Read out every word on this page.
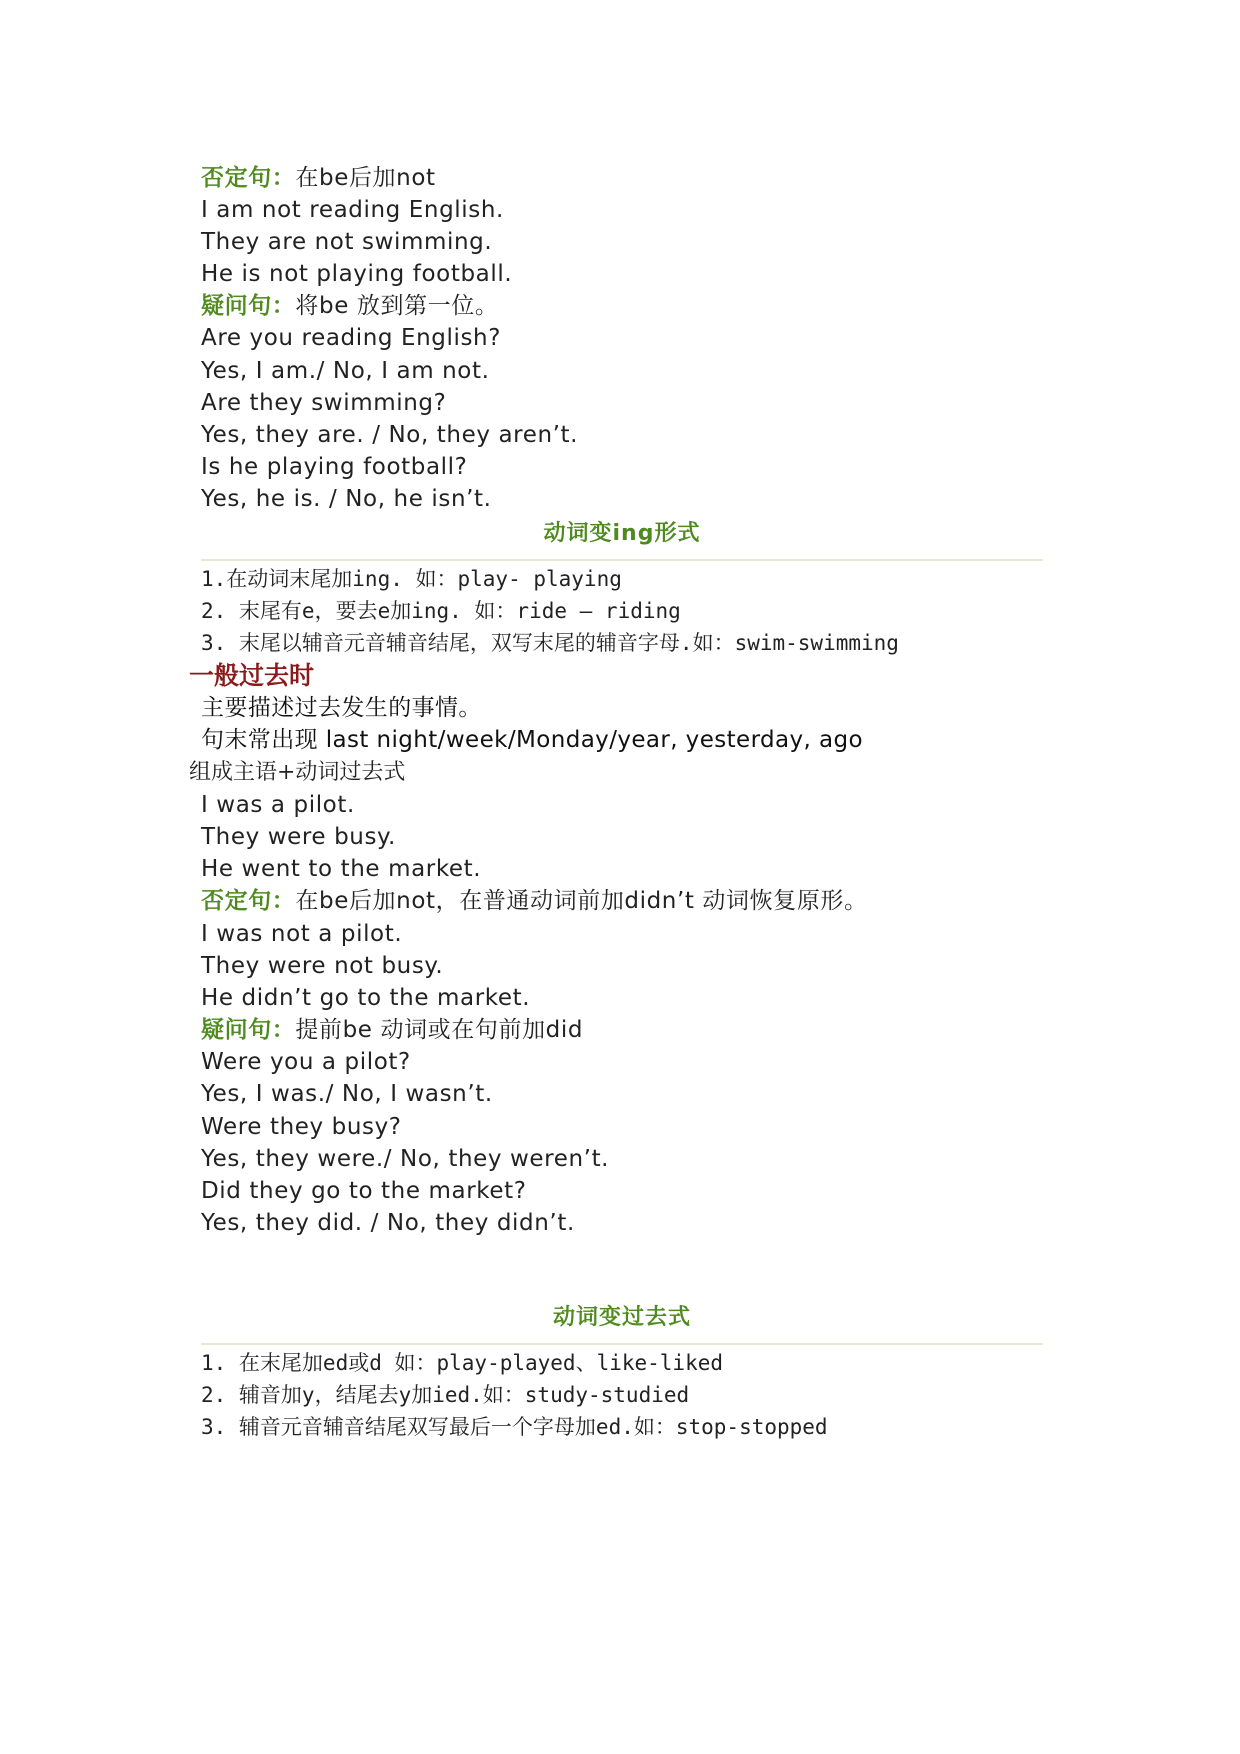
否定句：在be后加not
I am not reading English.
They are not swimming.
He is not playing football.
疑问句：将be 放到第一位。
Are you reading English?
Yes, I am./ No, I am not.
Are they swimming?
Yes, they are. / No, they aren’t.
Is he playing football?
Yes, he is. / No, he isn’t.
动词变ing形式
1.在动词末尾加ing. 如：play- playing
2. 末尾有e，要去e加ing. 如：ride – riding
3. 末尾以辅音元音辅音结尾，双写末尾的辅音字母.如：swim-swimming
一般过去时
主要描述过去发生的事情。
句末常出现 last night/week/Monday/year, yesterday, ago
组成主语+动词过去式
I was a pilot.
They were busy.
He went to the market.
否定句：在be后加not，在普通动词前加didn’t 动词恢复原形。
I was not a pilot.
They were not busy.
He didn’t go to the market.
疑问句：提前be 动词或在句前加did
Were you a pilot?
Yes, I was./ No, I wasn’t.
Were they busy?
Yes, they were./ No, they weren’t.
Did they go to the market?
Yes, they did. / No, they didn’t.
动词变过去式
1. 在末尾加ed或d 如：play-played、like-liked
2. 辅音加y，结尾去y加ied.如：study-studied
3. 辅音元音辅音结尾双写最后一个字母加ed.如：stop-stopped
